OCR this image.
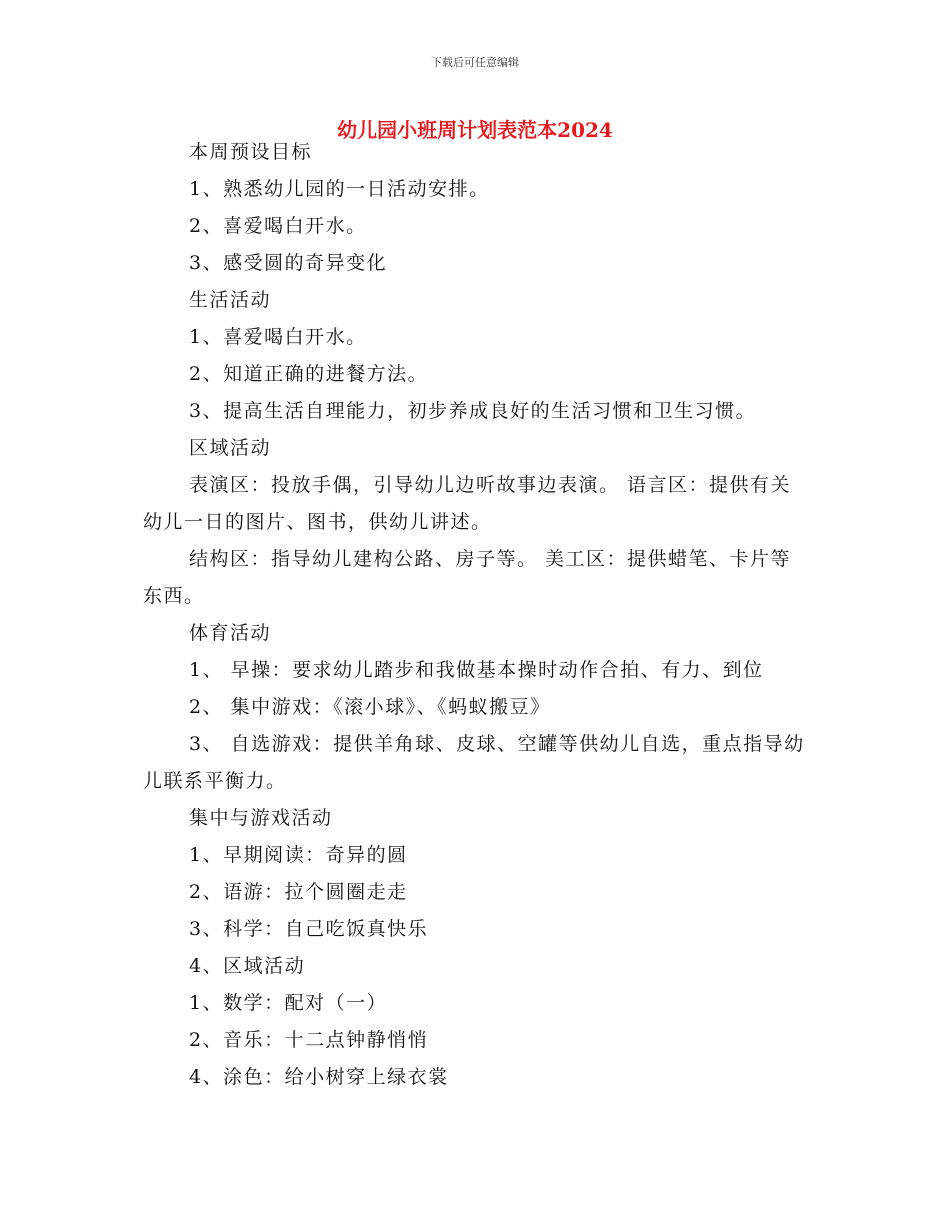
下载后可任意编辑
幼儿园小班周计划表范本2024

本周预设目标

1、熟悉幼儿园的一日活动安排。

2、喜爱喝白开水。

3、感受圆的奇异变化

生活活动

1、喜爱喝白开水。

2、知道正确的进餐方法。

3、提高生活自理能力，初步养成良好的生活习惯和卫生习惯。

区域活动

表演区：投放手偶，引导幼儿边听故事边表演。 语言区：提供有关幼儿一日的图片、图书，供幼儿讲述。

结构区：指导幼儿建构公路、房子等。 美工区：提供蜡笔、卡片等东西。

体育活动

1、 早操：要求幼儿踏步和我做基本操时动作合拍、有力、到位

2、 集中游戏：《滚小球》、《蚂蚁搬豆》

3、 自选游戏：提供羊角球、皮球、空罐等供幼儿自选，重点指导幼儿联系平衡力。

集中与游戏活动

1、早期阅读：奇异的圆

2、语游：拉个圆圈走走

3、科学：自己吃饭真快乐

4、区域活动

1、数学：配对（一）

2、音乐：十二点钟静悄悄

4、涂色：给小树穿上绿衣裳
